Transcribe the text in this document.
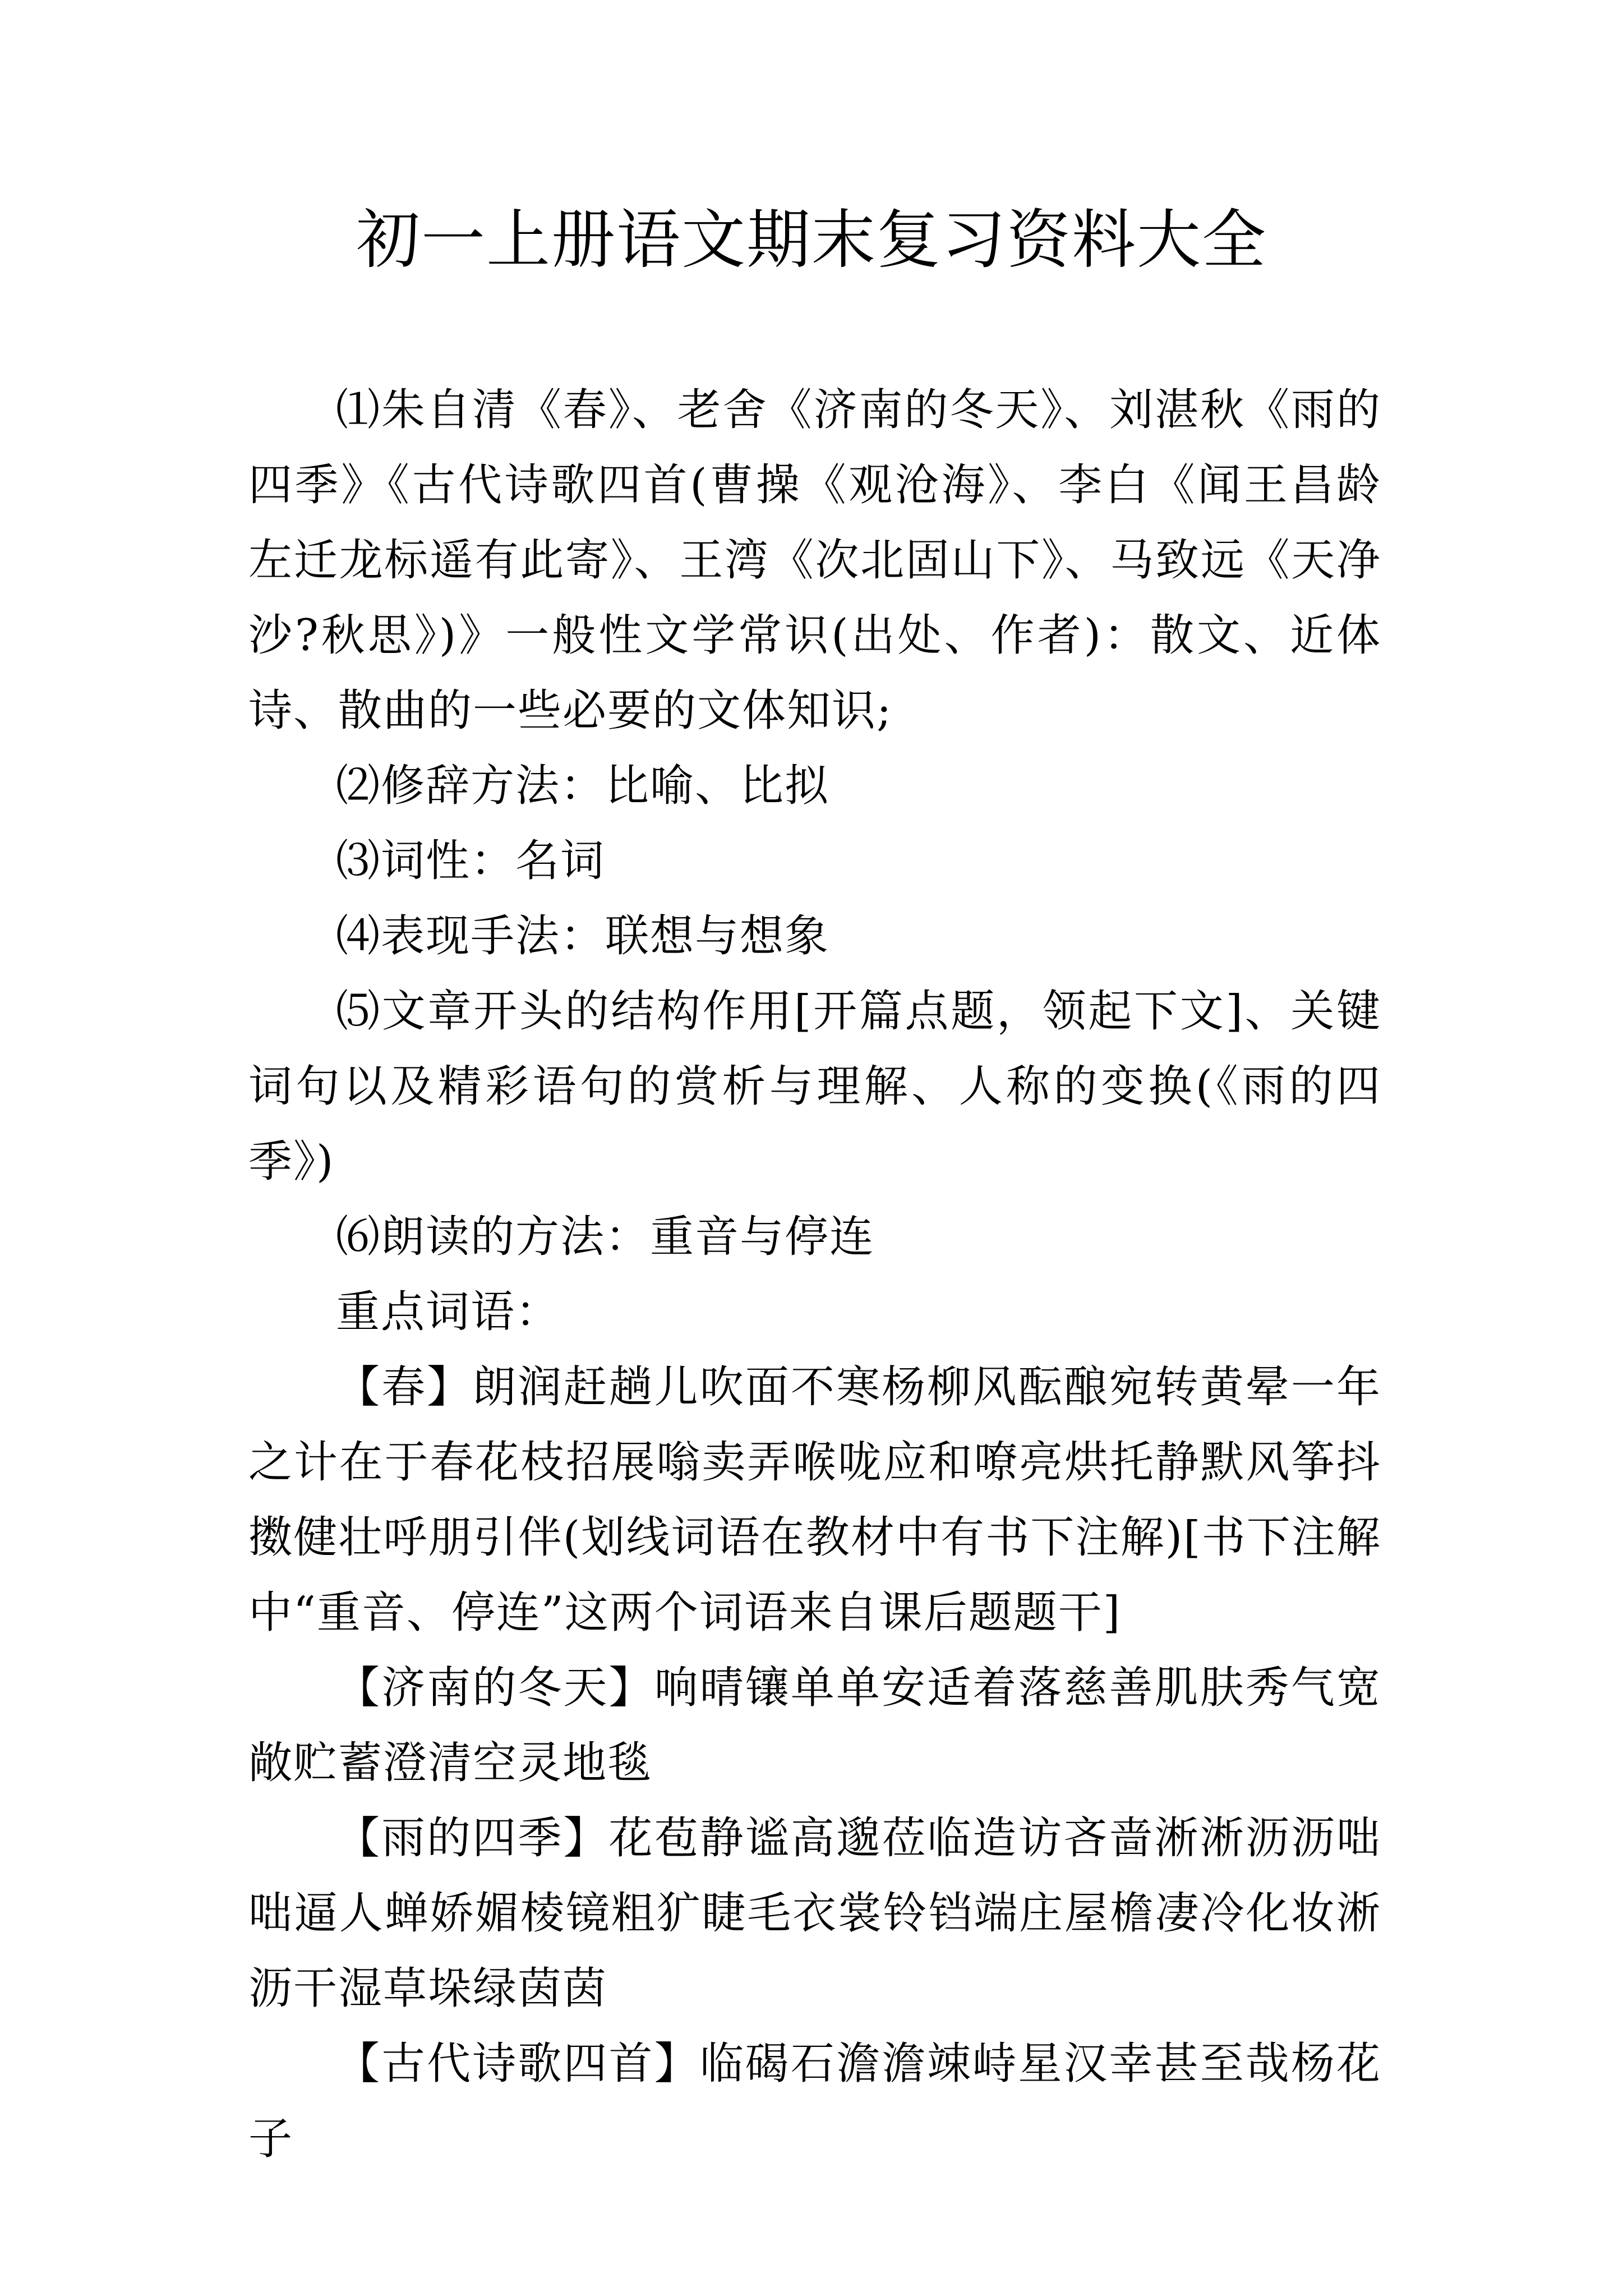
初一上册语文期末复习资料大全

⑴朱自清《春》、老舍《济南的冬天》、刘湛秋《雨的四季》《古代诗歌四首(曹操《观沧海》、李白《闻王昌龄左迁龙标遥有此寄》、王湾《次北固山下》、马致远《天净沙?秋思》)》一般性文学常识(出处、作者)：散文、近体诗、散曲的一些必要的文体知识;

⑵修辞方法：比喻、比拟

⑶词性：名词

⑷表现手法：联想与想象

⑸文章开头的结构作用[开篇点题，领起下文]、关键词句以及精彩语句的赏析与理解、人称的变换(《雨的四季》)

⑹朗读的方法：重音与停连

重点词语：

【春】朗润赶趟儿吹面不寒杨柳风酝酿宛转黄晕一年之计在于春花枝招展嗡卖弄喉咙应和嘹亮烘托静默风筝抖擞健壮呼朋引伴(划线词语在教材中有书下注解)[书下注解中“重音、停连”这两个词语来自课后题题干]

【济南的冬天】响晴镶单单安适着落慈善肌肤秀气宽敞贮蓄澄清空灵地毯

【雨的四季】花苞静谧高邈莅临造访吝啬淅淅沥沥咄咄逼人蝉娇媚棱镜粗犷睫毛衣裳铃铛端庄屋檐凄冷化妆淅沥干湿草垛绿茵茵

【古代诗歌四首】临碣石澹澹竦峙星汉幸甚至哉杨花子
